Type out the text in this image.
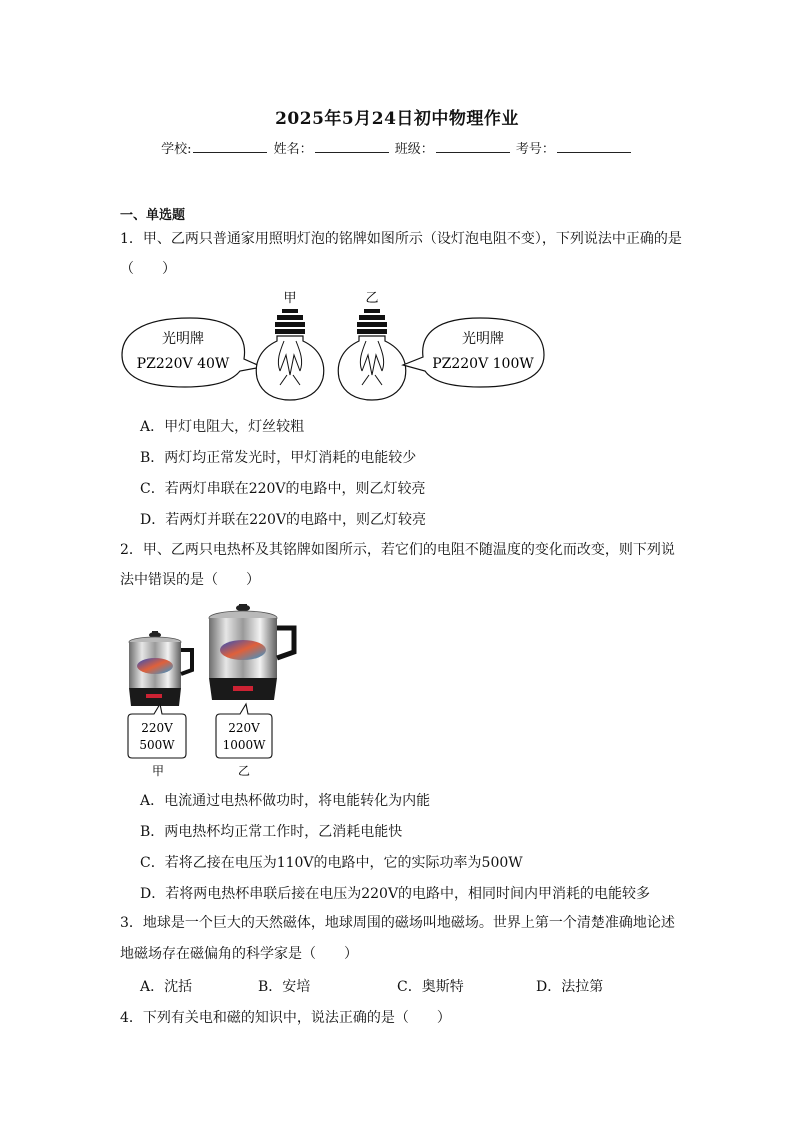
2025年5月24日初中物理作业
学校:	姓名：	班级：	考号：
一、单选题
1．甲、乙两只普通家用照明灯泡的铭牌如图所示（设灯泡电阻不变），下列说法中正确的是
（　　）
光明牌
PZ220V 40W
甲	乙
光明牌
PZ220V 100W
A．甲灯电阻大，灯丝较粗
B．两灯均正常发光时，甲灯消耗的电能较少
C．若两灯串联在220V的电路中，则乙灯较亮
D．若两灯并联在220V的电路中，则乙灯较亮
2．甲、乙两只电热杯及其铭牌如图所示，若它们的电阻不随温度的变化而改变，则下列说
法中错误的是（　　）
220V
500W
220V
1000W
甲	乙
A．电流通过电热杯做功时，将电能转化为内能
B．两电热杯均正常工作时，乙消耗电能快
C．若将乙接在电压为110V的电路中，它的实际功率为500W
D．若将两电热杯串联后接在电压为220V的电路中，相同时间内甲消耗的电能较多
3．地球是一个巨大的天然磁体，地球周围的磁场叫地磁场。世界上第一个清楚准确地论述
地磁场存在磁偏角的科学家是（　　）
A．沈括	B．安培	C．奥斯特	D．法拉第
4．下列有关电和磁的知识中，说法正确的是（　　）
